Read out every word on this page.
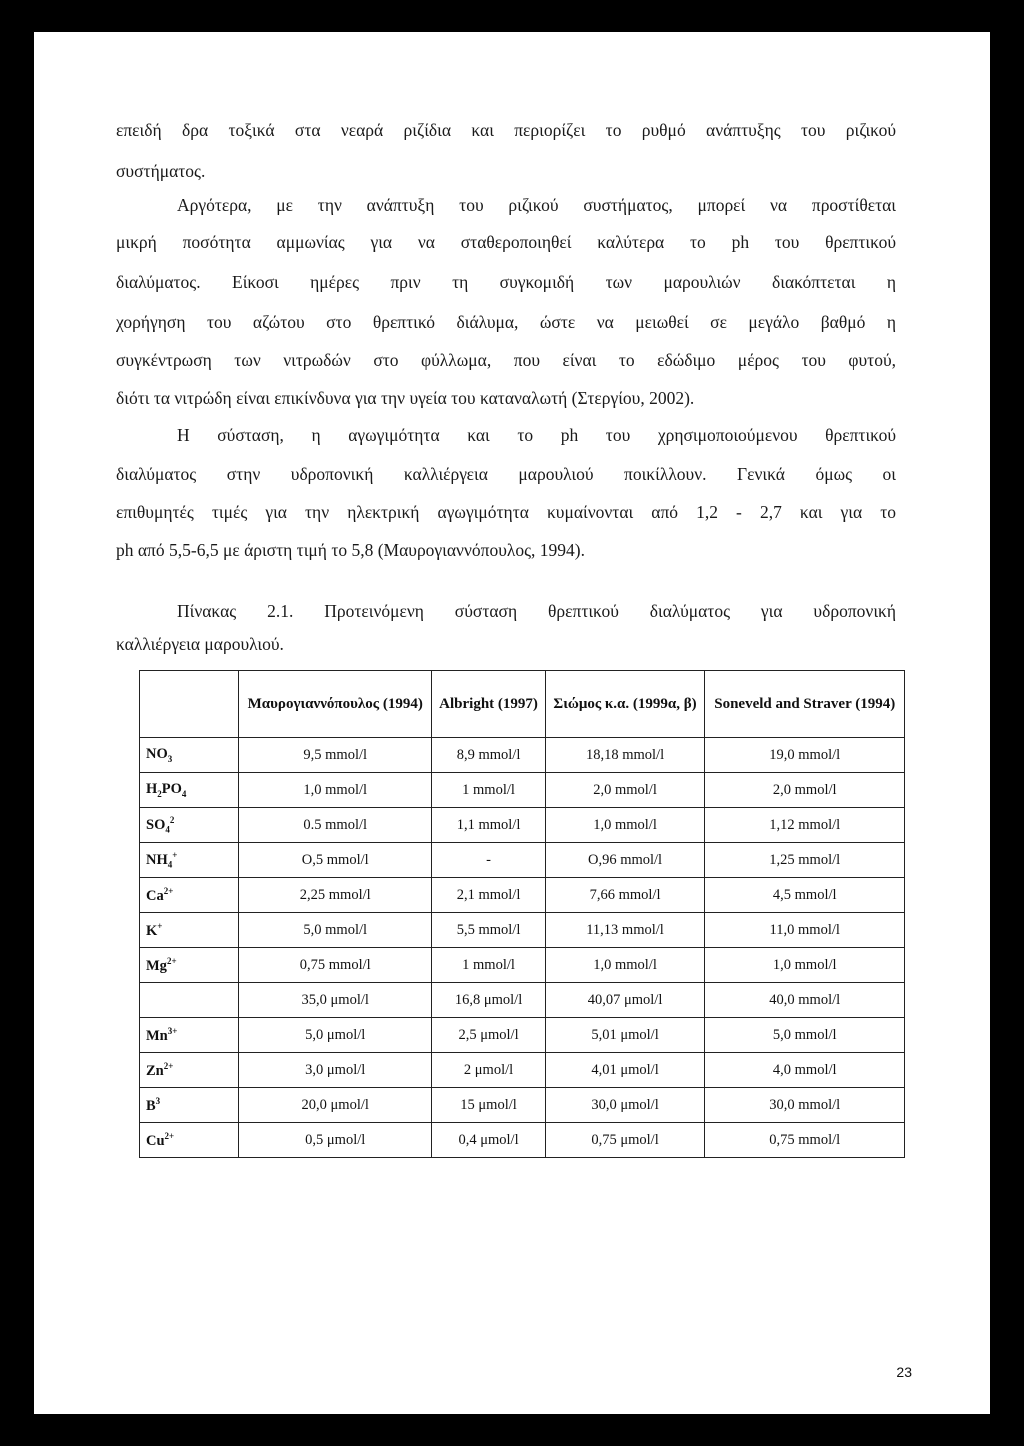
επειδή δρα τοξικά στα νεαρά ριζίδια και περιορίζει το ρυθμό ανάπτυξης του ριζικού
συστήματος.
Αργότερα, με την ανάπτυξη του ριζικού συστήματος, μπορεί να προστίθεται
μικρή ποσότητα αμμωνίας για να σταθεροποιηθεί καλύτερα το ph του θρεπτικού
διαλύματος. Είκοσι ημέρες πριν τη συγκομιδή των μαρουλιών διακόπτεται η
χορήγηση του αζώτου στο θρεπτικό διάλυμα, ώστε να μειωθεί σε μεγάλο βαθμό η
συγκέντρωση των νιτρωδών στο φύλλωμα, που είναι το εδώδιμο μέρος του φυτού,
διότι τα νιτρώδη είναι επικίνδυνα για την υγεία του καταναλωτή (Στεργίου, 2002).
Η σύσταση, η αγωγιμότητα και το ph του χρησιμοποιούμενου θρεπτικού
διαλύματος στην υδροπονική καλλιέργεια μαρουλιού ποικίλλουν. Γενικά όμως οι
επιθυμητές τιμές για την ηλεκτρική αγωγιμότητα κυμαίνονται από 1,2 - 2,7 και για το
ph από 5,5-6,5 με άριστη τιμή το 5,8 (Μαυρογιαννόπουλος, 1994).
Πίνακας 2.1. Προτεινόμενη σύσταση θρεπτικού διαλύματος για υδροπονική
καλλιέργεια μαρουλιού.
	Μαυρογιαννόπουλος (1994)	Albright (1997)	Σιώμος κ.α. (1999α, β)	Soneveld and Straver (1994)
$NO_3$	9,5 mmol/l	8,9 mmol/l	18,18 mmol/l	19,0 mmol/l
$H_2PO_4$	1,0 mmol/l	1 mmol/l	2,0 mmol/l	2,0 mmol/l
$SO_4^2$	0.5 mmol/l	1,1 mmol/l	1,0 mmol/l	1,12 mmol/l
$NH_4^+$	O,5 mmol/l	-	O,96 mmol/l	1,25 mmol/l
$Ca^{2+}$	2,25 mmol/l	2,1 mmol/l	7,66 mmol/l	4,5 mmol/l
K+	5,0 mmol/l	5,5 mmol/l	11,13 mmol/l	11,0 mmol/l
$Mg^{2+}$	0,75 mmol/l	1 mmol/l	1,0 mmol/l	1,0 mmol/l
	35,0 μmol/l	16,8 μmol/l	40,07 μmol/l	40,0 mmol/l
$Mn^{3+}$	5,0 μmol/l	2,5 μmol/l	5,01 μmol/l	5,0 mmol/l
$Zn^{2+}$	3,0 μmol/l	2 μmol/l	4,01 μmol/l	4,0 mmol/l
$B^3$	20,0 μmol/l	15 μmol/l	30,0 μmol/l	30,0 mmol/l
$Cu^{2+}$	0,5 μmol/l	0,4 μmol/l	0,75 μmol/l	0,75 mmol/l
23
